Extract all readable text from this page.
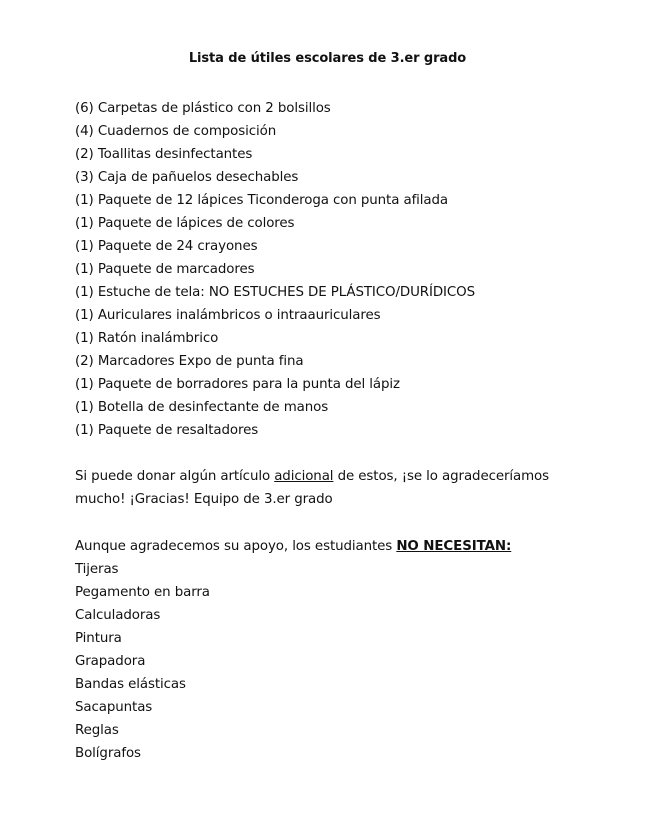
Lista de útiles escolares de 3.er grado
(6) Carpetas de plástico con 2 bolsillos
(4) Cuadernos de composición
(2) Toallitas desinfectantes
(3) Caja de pañuelos desechables
(1) Paquete de 12 lápices Ticonderoga con punta afilada
(1) Paquete de lápices de colores
(1) Paquete de 24 crayones
(1) Paquete de marcadores
(1) Estuche de tela: NO ESTUCHES DE PLÁSTICO/DURÍDICOS
(1) Auriculares inalámbricos o intraauriculares
(1) Ratón inalámbrico
(2) Marcadores Expo de punta fina
(1) Paquete de borradores para la punta del lápiz
(1) Botella de desinfectante de manos
(1) Paquete de resaltadores
Si puede donar algún artículo adicional de estos, ¡se lo agradeceríamos
mucho! ¡Gracias! Equipo de 3.er grado
Aunque agradecemos su apoyo, los estudiantes NO NECESITAN:
Tijeras
Pegamento en barra
Calculadoras
Pintura
Grapadora
Bandas elásticas
Sacapuntas
Reglas
Bolígrafos
